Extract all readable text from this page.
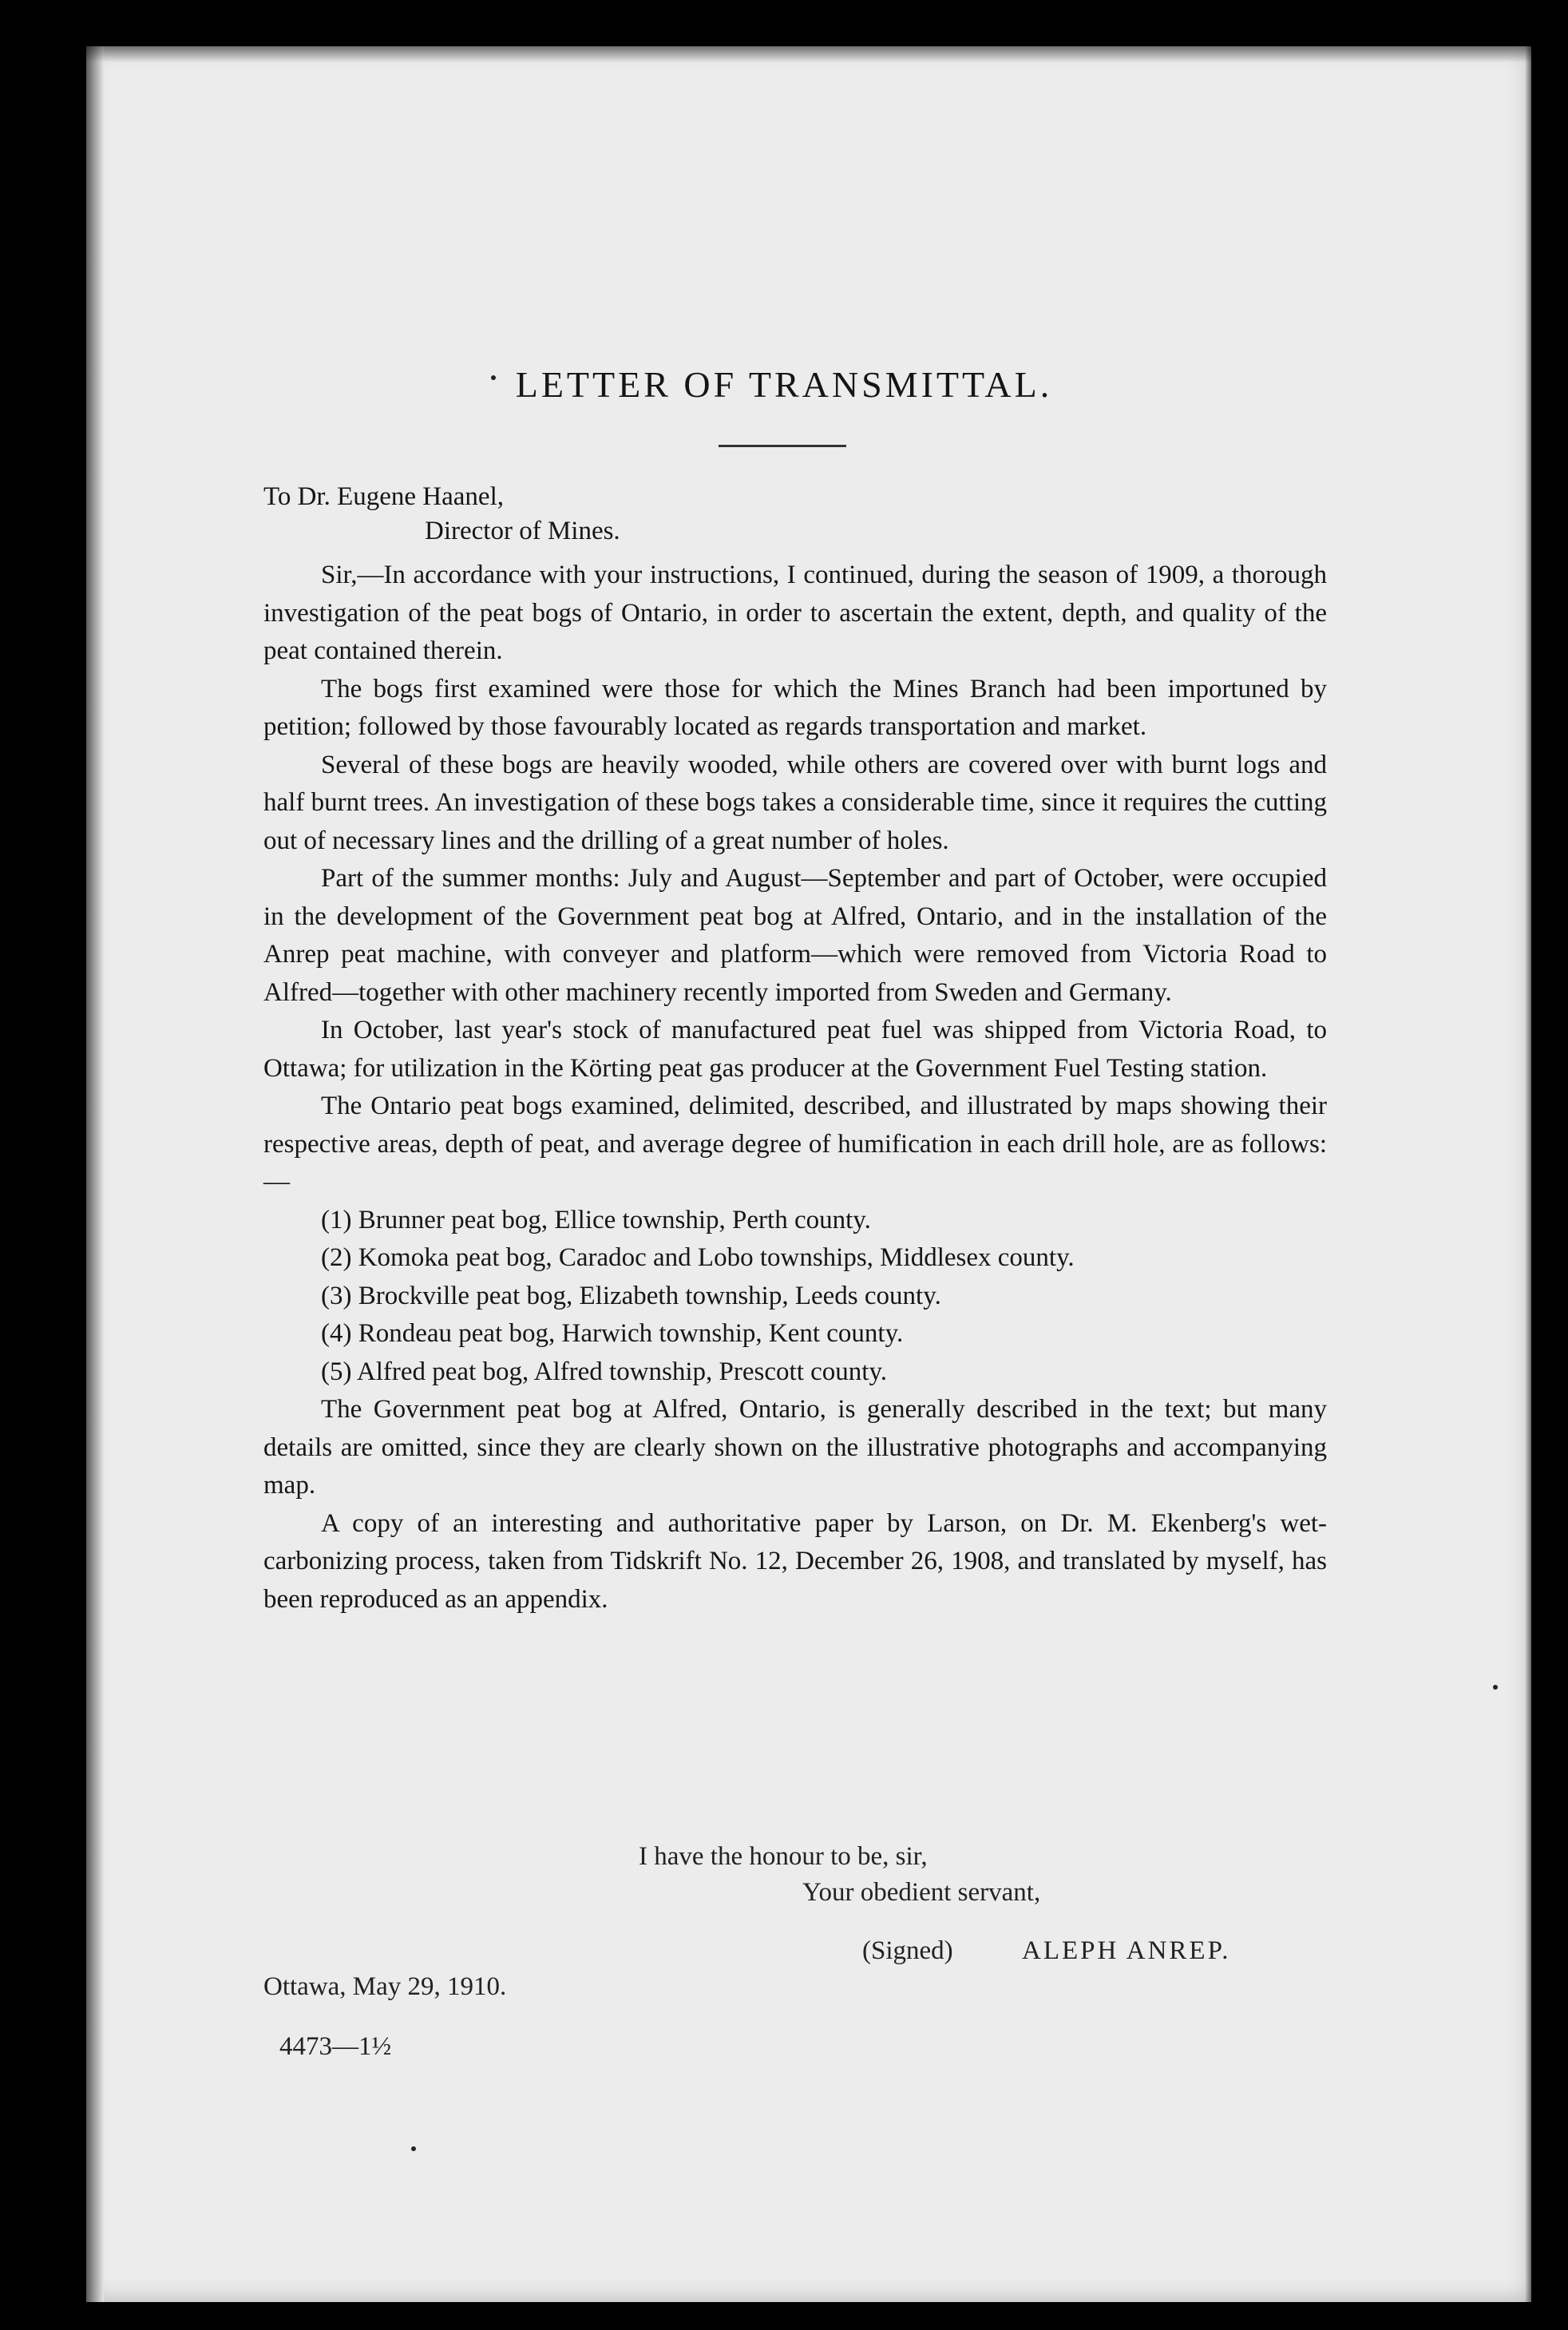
LETTER OF TRANSMITTAL.
To Dr. Eugene Haanel,
Director of Mines.

Sir,—In accordance with your instructions, I continued, during the season of 1909, a thorough investigation of the peat bogs of Ontario, in order to ascertain the extent, depth, and quality of the peat contained therein.

The bogs first examined were those for which the Mines Branch had been importuned by petition; followed by those favourably located as regards transportation and market.

Several of these bogs are heavily wooded, while others are covered over with burnt logs and half burnt trees. An investigation of these bogs takes a considerable time, since it requires the cutting out of necessary lines and the drilling of a great number of holes.

Part of the summer months: July and August—September and part of October, were occupied in the development of the Government peat bog at Alfred, Ontario, and in the installation of the Anrep peat machine, with conveyer and platform—which were removed from Victoria Road to Alfred—together with other machinery recently imported from Sweden and Germany.

In October, last year's stock of manufactured peat fuel was shipped from Victoria Road, to Ottawa; for utilization in the Körting peat gas producer at the Government Fuel Testing station.

The Ontario peat bogs examined, delimited, described, and illustrated by maps showing their respective areas, depth of peat, and average degree of humification in each drill hole, are as follows:—

(1) Brunner peat bog, Ellice township, Perth county.

(2) Komoka peat bog, Caradoc and Lobo townships, Middlesex county.

(3) Brockville peat bog, Elizabeth township, Leeds county.

(4) Rondeau peat bog, Harwich township, Kent county.

(5) Alfred peat bog, Alfred township, Prescott county.

The Government peat bog at Alfred, Ontario, is generally described in the text; but many details are omitted, since they are clearly shown on the illustrative photographs and accompanying map.

A copy of an interesting and authoritative paper by Larson, on Dr. M. Ekenberg's wet-carbonizing process, taken from Tidskrift No. 12, December 26, 1908, and translated by myself, has been reproduced as an appendix.

I have the honour to be, sir,
Your obedient servant,
(Signed)	ALEPH ANREP.
Ottawa, May 29, 1910.
4473—1½
